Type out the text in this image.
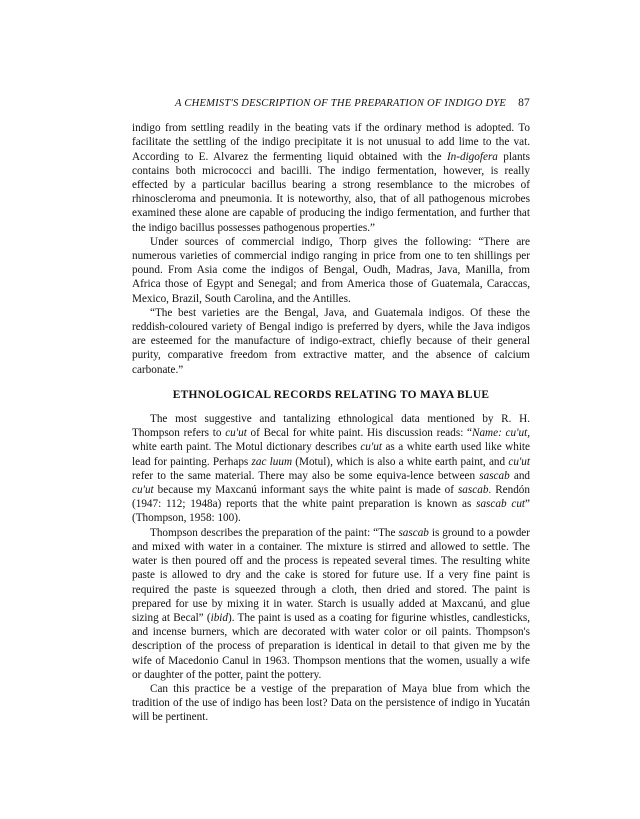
A CHEMIST'S DESCRIPTION OF THE PREPARATION OF INDIGO DYE 87

indigo from settling readily in the beating vats if the ordinary method is adopted. To facilitate the settling of the indigo precipitate it is not unusual to add lime to the vat. According to E. Alvarez the fermenting liquid obtained with the In-digofera plants contains both micrococci and bacilli. The indigo fermentation, however, is really effected by a particular bacillus bearing a strong resemblance to the microbes of rhinoscleroma and pneumonia. It is noteworthy, also, that of all pathogenous microbes examined these alone are capable of producing the indigo fermentation, and further that the indigo bacillus possesses pathogenous properties.”

Under sources of commercial indigo, Thorp gives the following: “There are numerous varieties of commercial indigo ranging in price from one to ten shillings per pound. From Asia come the indigos of Bengal, Oudh, Madras, Java, Manilla, from Africa those of Egypt and Senegal; and from America those of Guatemala, Caraccas, Mexico, Brazil, South Carolina, and the Antilles.

“The best varieties are the Bengal, Java, and Guatemala indigos. Of these the reddish-coloured variety of Bengal indigo is preferred by dyers, while the Java indigos are esteemed for the manufacture of indigo-extract, chiefly because of their general purity, comparative freedom from extractive matter, and the absence of calcium carbonate.”

ETHNOLOGICAL RECORDS RELATING TO MAYA BLUE

The most suggestive and tantalizing ethnological data mentioned by R. H. Thompson refers to cu'ut of Becal for white paint. His discussion reads: “Name: cu'ut, white earth paint. The Motul dictionary describes cu'ut as a white earth used like white lead for painting. Perhaps zac luum (Motul), which is also a white earth paint, and cu'ut refer to the same material. There may also be some equiva-lence between sascab and cu'ut because my Maxcanú informant says the white paint is made of sascab. Rendón (1947: 112; 1948a) reports that the white paint preparation is known as sascab cut” (Thompson, 1958: 100).

Thompson describes the preparation of the paint: “The sascab is ground to a powder and mixed with water in a container. The mixture is stirred and allowed to settle. The water is then poured off and the process is repeated several times. The resulting white paste is allowed to dry and the cake is stored for future use. If a very fine paint is required the paste is squeezed through a cloth, then dried and stored. The paint is prepared for use by mixing it in water. Starch is usually added at Maxcanú, and glue sizing at Becal” (ibid). The paint is used as a coating for figurine whistles, candlesticks, and incense burners, which are decorated with water color or oil paints. Thompson's description of the process of preparation is identical in detail to that given me by the wife of Macedonio Canul in 1963. Thompson mentions that the women, usually a wife or daughter of the potter, paint the pottery.

Can this practice be a vestige of the preparation of Maya blue from which the tradition of the use of indigo has been lost? Data on the persistence of indigo in Yucatán will be pertinent.
